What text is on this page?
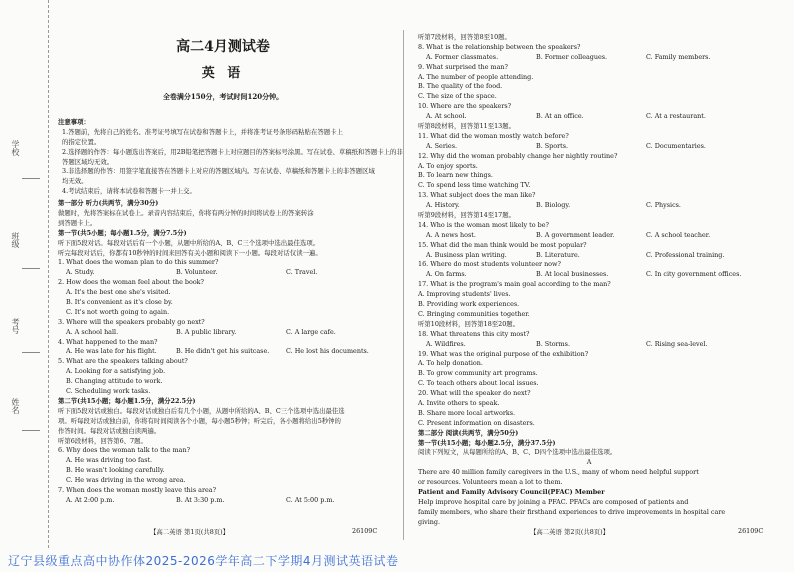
学校
班级
考号
姓名
高二4月测试卷
英 语
全卷满分150分，考试时间120分钟。
注意事项：
1.答题前，先将自己的姓名、准考证号填写在试卷和答题卡上，并将准考证号条形码粘贴在答题卡上
的指定位置。
2.选择题的作答：每小题选出答案后，用2B铅笔把答题卡上对应题目的答案标号涂黑。写在试卷、草稿纸和答题卡上的非
答题区域均无效。
3.非选择题的作答：用签字笔直接答在答题卡上对应的答题区域内。写在试卷、草稿纸和答题卡上的非答题区域
均无效。
4.考试结束后，请将本试卷和答题卡一并上交。
第一部分 听力(共两节，满分30分)
做题时，先将答案标在试卷上。录音内容结束后，你将有两分钟的时间将试卷上的答案转涂
到答题卡上。
第一节(共5小题；每小题1.5分，满分7.5分)
听下面5段对话。每段对话后有一个小题，从题中所给的A、B、C三个选项中选出最佳选项。
听完每段对话后，你都有10秒钟的时间来回答有关小题和阅读下一小题。每段对话仅读一遍。
1. What does the woman plan to do this summer?
A. Study.	B. Volunteer.	C. Travel.
2. How does the woman feel about the book?
A. It's the best one she's visited.
B. It's convenient as it's close by.
C. It's not worth going to again.
3. Where will the speakers probably go next?
A. A school hall.	B. A public library.	C. A large cafe.
4. What happened to the man?
A. He was late for his flight.	B. He didn't get his suitcase.	C. He lost his documents.
5. What are the speakers talking about?
A. Looking for a satisfying job.
B. Changing attitude to work.
C. Scheduling work tasks.
第二节(共15小题；每小题1.5分，满分22.5分)
听下面5段对话或独白。每段对话或独白后有几个小题，从题中所给的A、B、C三个选项中选出最佳选
项。听每段对话或独白前，你将有时间阅读各个小题，每小题5秒钟；听完后，各小题将给出5秒钟的
作答时间。每段对话或独白读两遍。
听第6段材料，回答第6、7题。
6. Why does the woman talk to the man?
A. He was driving too fast.
B. He wasn't looking carefully.
C. He was driving in the wrong area.
7. When does the woman mostly leave this area?
A. At 2:00 p.m.	B. At 3:30 p.m.	C. At 5:00 p.m.
听第7段材料，回答第8至10题。
8. What is the relationship between the speakers?
A. Former classmates.	B. Former colleagues.	C. Family members.
9. What surprised the man?
A. The number of people attending.
B. The quality of the food.
C. The size of the space.
10. Where are the speakers?
A. At school.	B. At an office.	C. At a restaurant.
听第8段材料，回答第11至13题。
11. What did the woman mostly watch before?
A. Series.	B. Sports.	C. Documentaries.
12. Why did the woman probably change her nightly routine?
A. To enjoy sports.
B. To learn new things.
C. To spend less time watching TV.
13. What subject does the man like?
A. History.	B. Biology.	C. Physics.
听第9段材料，回答第14至17题。
14. Who is the woman most likely to be?
A. A news host.	B. A government leader.	C. A school teacher.
15. What did the man think would be most popular?
A. Business plan writing.	B. Literature.	C. Professional training.
16. Where do most students volunteer now?
A. On farms.	B. At local businesses.	C. In city government offices.
17. What is the program's main goal according to the man?
A. Improving students' lives.
B. Providing work experiences.
C. Bringing communities together.
听第10段材料，回答第18至20题。
18. What threatens this city most?
A. Wildfires.	B. Storms.	C. Rising sea-level.
19. What was the original purpose of the exhibition?
A. To help donation.
B. To grow community art programs.
C. To teach others about local issues.
20. What will the speaker do next?
A. Invite others to speak.
B. Share more local artworks.
C. Present information on disasters.
第二部分 阅读(共两节，满分50分)
第一节(共15小题；每小题2.5分，满分37.5分)
阅读下列短文，从每题所给的A、B、C、D四个选项中选出最佳选项。
A
There are 40 million family caregivers in the U.S., many of whom need helpful support
or resources. Volunteers mean a lot to them.
Patient and Family Advisory Council(PFAC) Member
Help improve hospital care by joining a PFAC. PFACs are composed of patients and
family members, who share their firsthand experiences to drive improvements in hospital care
giving.
【高二英语 第1页(共8页)】	26109C	【高二英语 第2页(共8页)】	26109C
辽宁县级重点高中协作体2025-2026学年高二下学期4月测试英语试卷
